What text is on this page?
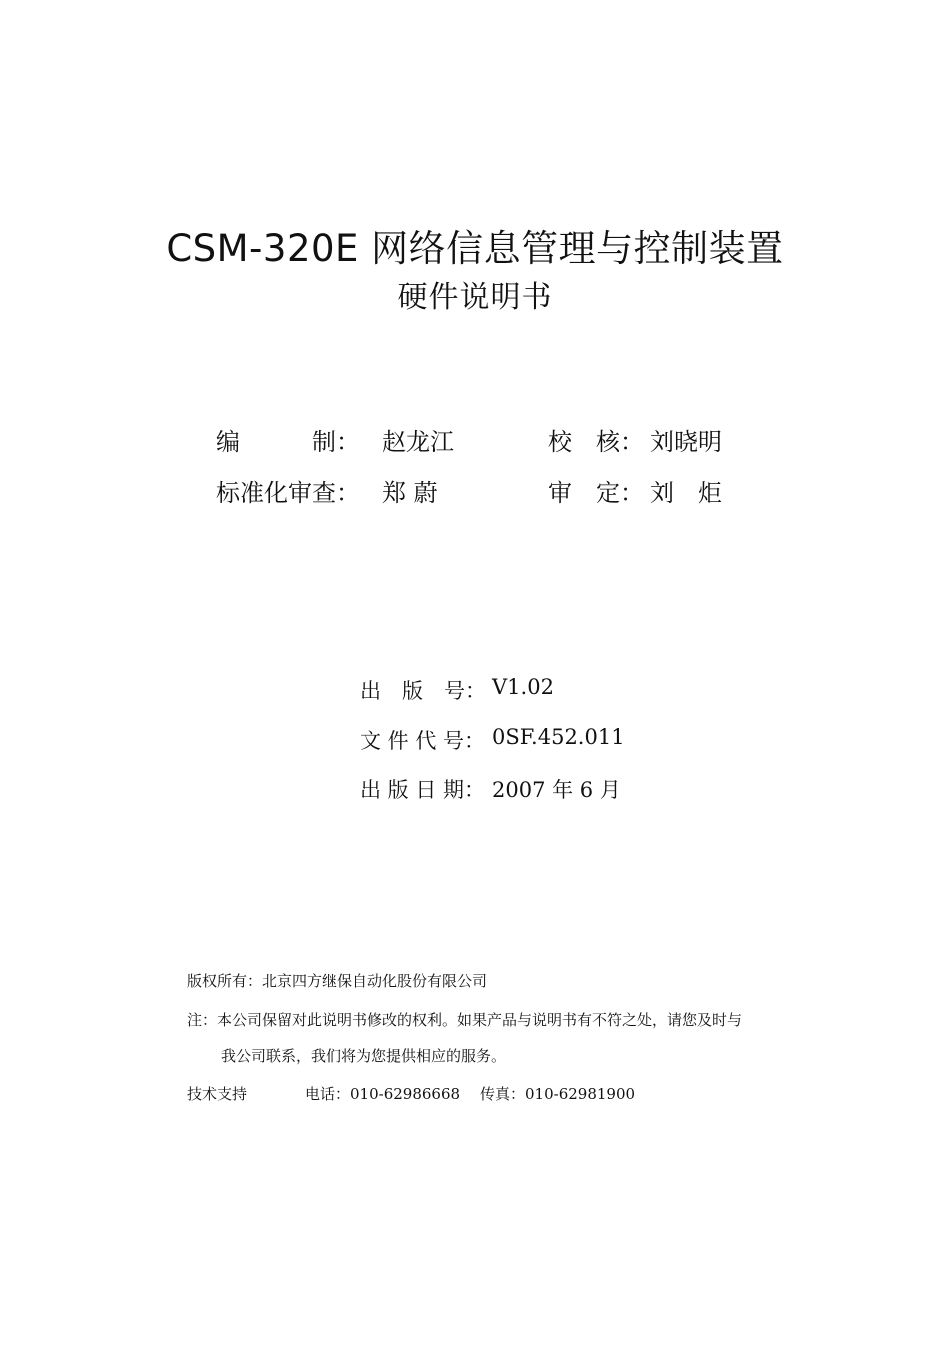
CSM-320E 网络信息管理与控制装置
硬件说明书
编　　　制： 赵龙江	校　核： 刘晓明
标准化审查： 郑 蔚	审　定： 刘　炬
出　版　号： V1.02
文 件 代 号： 0SF.452.011
出 版 日 期： 2007 年 6 月
版权所有：北京四方继保自动化股份有限公司
注：本公司保留对此说明书修改的权利。如果产品与说明书有不符之处，请您及时与
我公司联系，我们将为您提供相应的服务。
技术支持	电话：010-62986668 传真：010-62981900
